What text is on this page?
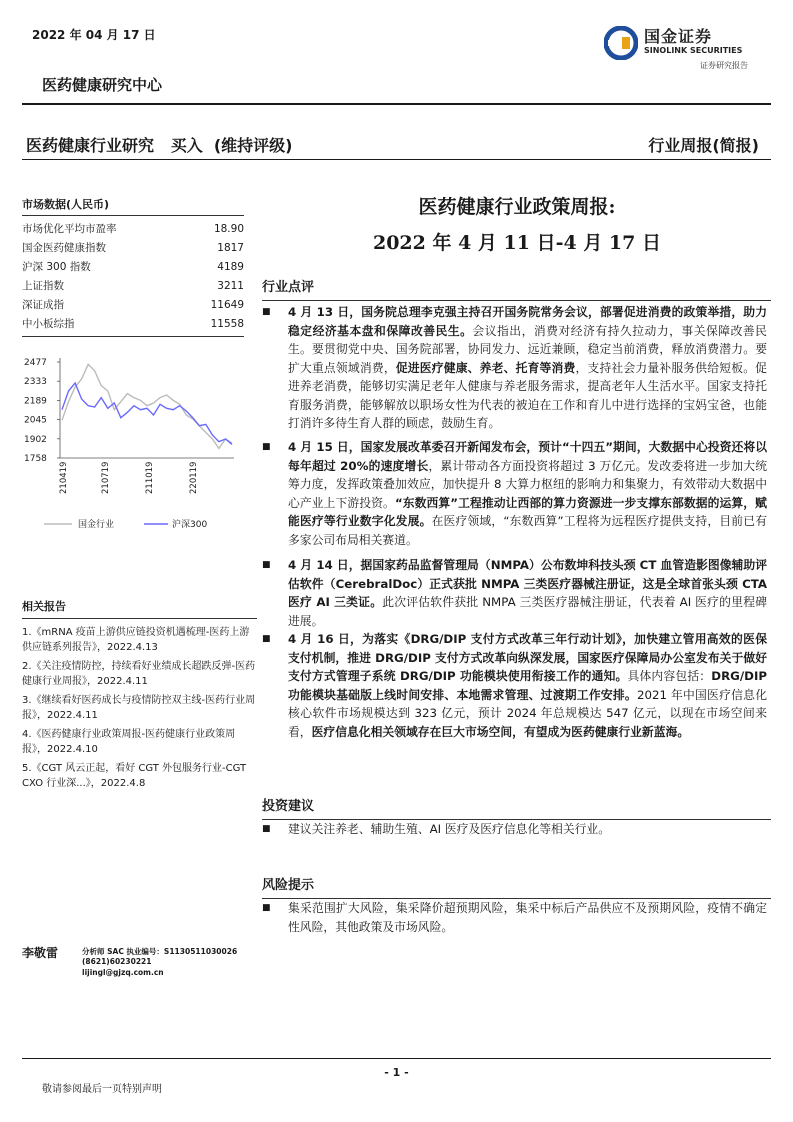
2022 年 04 月 17 日	国金证券
SINOLINK SECURITIES
证券研究报告
医药健康研究中心
医药健康行业研究   买入  (维持评级)	行业周报(简报)
市场数据(人民币)
市场优化平均市盈率	18.90
国金医药健康指数	1817
沪深 300 指数	4189
上证指数	3211
深证成指	11649
中小板综指	11558
2477
2333
2189
2045
1902
1758
210419	210719	211019	220119
国金行业	沪深300
相关报告
1.《mRNA 疫苗上游供应链投资机遇梳理-医药上游供应链系列报告》，2022.4.13
2.《关注疫情防控，持续看好业绩成长超跌反弹-医药健康行业周报》，2022.4.11
3.《继续看好医药成长与疫情防控双主线-医药行业周报》，2022.4.11
4.《医药健康行业政策周报-医药健康行业政策周报》，2022.4.10
5.《CGT 风云正起，看好 CGT 外包服务行业-CGT CXO 行业深...》，2022.4.8
李敬雷	分析师 SAC 执业编号：S1130511030026
(8621)60230221
lijingl@gjzq.com.cn
医药健康行业政策周报:
2022 年 4 月 11 日-4 月 17 日
行业点评
■ 4 月 13 日，国务院总理李克强主持召开国务院常务会议，部署促进消费的政策举措，助力稳定经济基本盘和保障改善民生。会议指出，消费对经济有持久拉动力，事关保障改善民生。要贯彻党中央、国务院部署，协同发力、远近兼顾，稳定当前消费，释放消费潜力。要扩大重点领域消费，促进医疗健康、养老、托育等消费，支持社会力量补服务供给短板。促进养老消费，能够切实满足老年人健康与养老服务需求，提高老年人生活水平。国家支持托育服务消费，能够解放以职场女性为代表的被迫在工作和育儿中进行选择的宝妈宝爸，也能打消许多待生育人群的顾虑，鼓励生育。
■ 4 月 15 日，国家发展改革委召开新闻发布会，预计“十四五”期间，大数据中心投资还将以每年超过 20%的速度增长，累计带动各方面投资将超过 3 万亿元。发改委将进一步加大统筹力度，发挥政策叠加效应，加快提升 8 大算力枢纽的影响力和集聚力，有效带动大数据中心产业上下游投资。“东数西算”工程推动让西部的算力资源进一步支撑东部数据的运算，赋能医疗等行业数字化发展。在医疗领域，“东数西算”工程将为远程医疗提供支持，目前已有多家公司布局相关赛道。
■ 4 月 14 日，据国家药品监督管理局（NMPA）公布数坤科技头颈 CT 血管造影图像辅助评估软件（CerebralDoc）正式获批 NMPA 三类医疗器械注册证，这是全球首张头颈 CTA 医疗 AI 三类证。此次评估软件获批 NMPA 三类医疗器械注册证，代表着 AI 医疗的里程碑进展。
■ 4 月 16 日，为落实《DRG/DIP 支付方式改革三年行动计划》，加快建立管用高效的医保支付机制，推进 DRG/DIP 支付方式改革向纵深发展，国家医疗保障局办公室发布关于做好支付方式管理子系统 DRG/DIP 功能模块使用衔接工作的通知。具体内容包括：DRG/DIP 功能模块基础版上线时间安排、本地需求管理、过渡期工作安排。2021 年中国医疗信息化核心软件市场规模达到 323 亿元，预计 2024 年总规模达 547 亿元，以现在市场空间来看，医疗信息化相关领域存在巨大市场空间，有望成为医药健康行业新蓝海。
投资建议
■ 建议关注养老、辅助生殖、AI 医疗及医疗信息化等相关行业。
风险提示
■ 集采范围扩大风险，集采降价超预期风险，集采中标后产品供应不及预期风险，疫情不确定性风险，其他政策及市场风险。
- 1 -
敬请参阅最后一页特别声明
